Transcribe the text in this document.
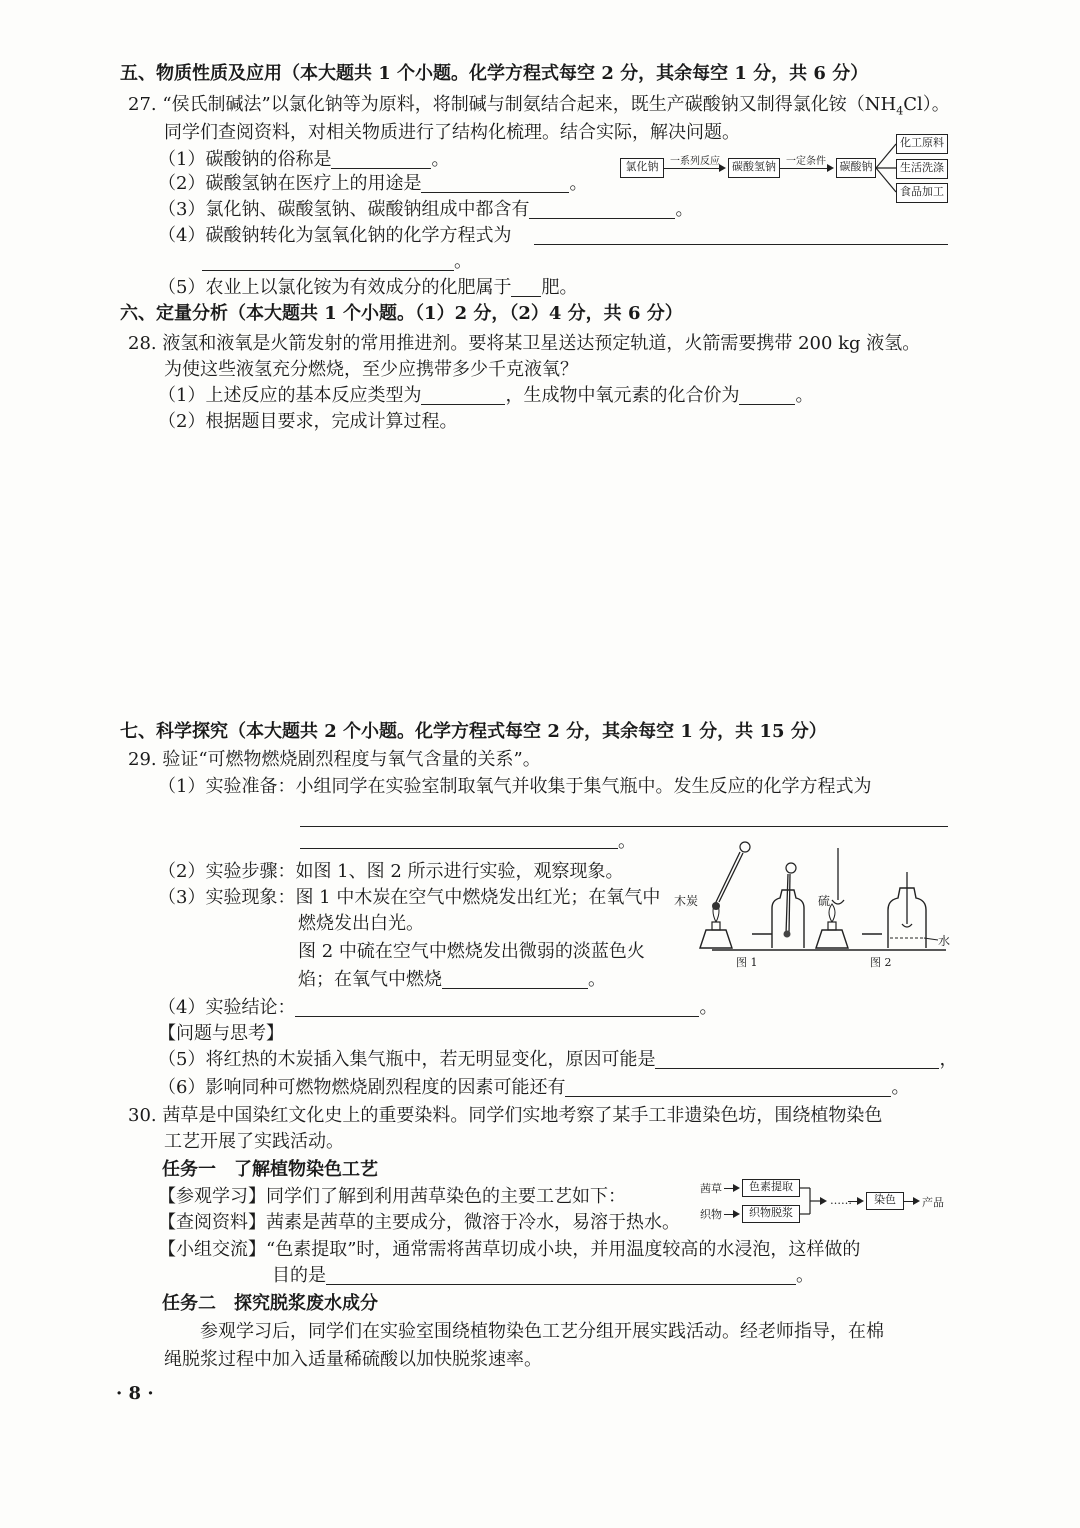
五、物质性质及应用（本大题共 1 个小题。化学方程式每空 2 分，其余每空 1 分，共 6 分）
27. “侯氏制碱法”以氯化钠等为原料，将制碱与制氨结合起来，既生产碳酸钠又制得氯化铵$(NH_4Cl)$。
同学们查阅资料，对相关物质进行了结构化梳理。结合实际，解决问题。
（1）碳酸钠的俗称是	。
（2）碳酸氢钠在医疗上的用途是	。
（3）氯化钠、碳酸氢钠、碳酸钠组成中都含有	。
（4）碳酸钠转化为氢氧化钠的化学方程式为
。
（5）农业上以氯化铵为有效成分的化肥属于 肥。
氯化钠	一系列反应	碳酸氢钠	一定条件	碳酸钠
化工原料
生活洗涤
食品加工
六、定量分析（本大题共 1 个小题。（1）2 分，（2）4 分，共 6 分）
28. 液氢和液氧是火箭发射的常用推进剂。要将某卫星送达预定轨道，火箭需要携带 200 kg 液氢。
为使这些液氢充分燃烧，至少应携带多少千克液氧？
（1）上述反应的基本反应类型为	，生成物中氧元素的化合价为	。
（2）根据题目要求，完成计算过程。
七、科学探究（本大题共 2 个小题。化学方程式每空 2 分，其余每空 1 分，共 15 分）
29. 验证“可燃物燃烧剧烈程度与氧气含量的关系”。
（1）实验准备：小组同学在实验室制取氧气并收集于集气瓶中。发生反应的化学方程式为
。
（2）实验步骤：如图 1、图 2 所示进行实验，观察现象。
（3）实验现象：图 1 中木炭在空气中燃烧发出红光；在氧气中
燃烧发出白光。
图 2 中硫在空气中燃烧发出微弱的淡蓝色火
焰；在氧气中燃烧	。
（4）实验结论：	。
【问题与思考】
（5）将红热的木炭插入集气瓶中，若无明显变化，原因可能是	，
（6）影响同种可燃物燃烧剧烈程度的因素可能还有	。
木炭	硫
水
图 1	图 2
30. 茜草是中国染红文化史上的重要染料。同学们实地考察了某手工非遗染色坊，围绕植物染色
工艺开展了实践活动。
任务一　了解植物染色工艺
【参观学习】同学们了解到利用茜草染色的主要工艺如下：
【查阅资料】茜素是茜草的主要成分，微溶于冷水，易溶于热水。
【小组交流】“色素提取”时，通常需将茜草切成小块，并用温度较高的水浸泡，这样做的
目的是	。
任务二　探究脱浆废水成分
参观学习后，同学们在实验室围绕植物染色工艺分组开展实践活动。经老师指导，在棉
绳脱浆过程中加入适量稀硫酸以加快脱浆速率。
茜草	色素提取
织物	织物脱浆
……	染色	产品
· 8 ·
